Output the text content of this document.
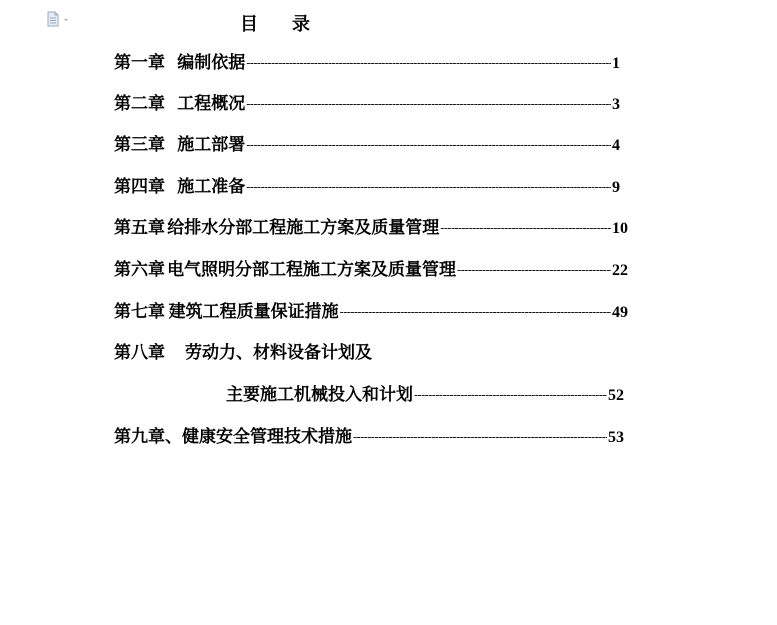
目 录
第一章 编制依据 -----	1
第二章 工程概况 -----	3
第三章 施工部署 -----	4
第四章 施工准备 -----	9
第五章 给排水分部工程施工方案及质量管理 -----	10
第六章 电气照明分部工程施工方案及质量管理 -----	22
第七章 建筑工程质量保证措施 -----	49
第八章 劳动力、材料设备计划及
主要施工机械投入和计划 -----	52
第九章 、 健康安全管理技术措施 -----	53
